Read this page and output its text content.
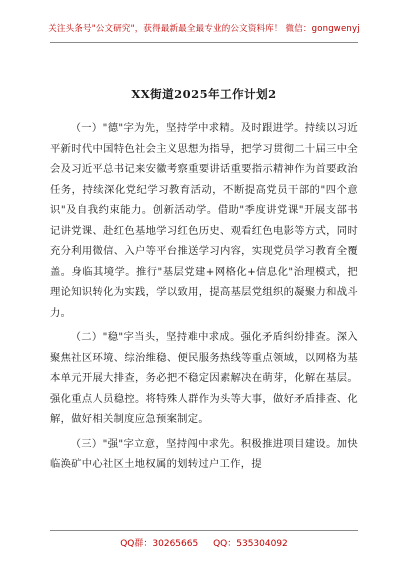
关注头条号"公文研究"，获得最新最全最专业的公文资料库！ 微信：gongwenyj
XX街道2025年工作计划2

（一）"德"字为先，坚持学中求精。及时跟进学。持续以习近平新时代中国特色社会主义思想为指导，把学习贯彻二十届三中全会及习近平总书记来安徽考察重要讲话重要指示精神作为首要政治任务，持续深化党纪学习教育活动，不断提高党员干部的"四个意识"及自我约束能力。创新活动学。借助"季度讲党课"开展支部书记讲党课、赴红色基地学习红色历史、观看红色电影等方式，同时充分利用微信、入户等平台推送学习内容，实现党员学习教育全覆盖。身临其境学。推行"基层党建+网格化+信息化"治理模式，把理论知识转化为实践，学以致用，提高基层党组织的凝聚力和战斗力。

（二）"稳"字当头，坚持难中求成。强化矛盾纠纷排查。深入聚焦社区环境、综治维稳、便民服务热线等重点领域，以网格为基本单元开展大排查，务必把不稳定因素解决在萌芽，化解在基层。强化重点人员稳控。将特殊人群作为头等大事，做好矛盾排查、化解，做好相关制度应急预案制定。

（三）"强"字立意，坚持闯中求先。积极推进项目建设。加快临涣矿中心社区土地权属的划转过户工作，提

QQ群：30265665 QQ：535304092
